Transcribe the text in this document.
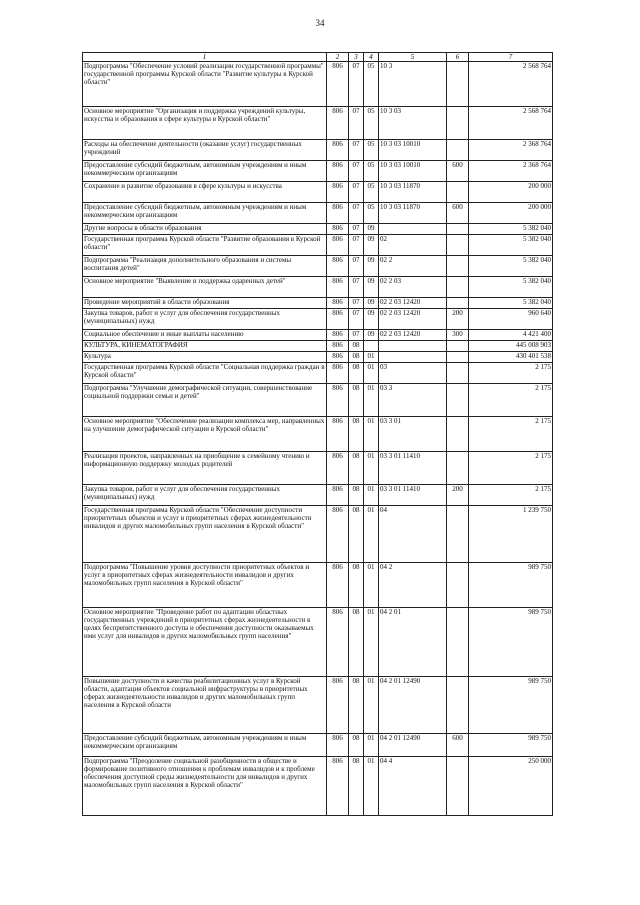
34
1	2	3	4	5	6	7
Подпрограмма "Обеспечение условий реализации государственной программы" государственной программы Курской области "Развитие культуры в Курской области"	806	07	05	10 3		2 568 764
Основное мероприятие "Организация и поддержка учреждений культуры, искусства и образования в сфере культуры в Курской области"	806	07	05	10 3 03		2 568 764
Расходы на обеспечение деятельности (оказание услуг) государственных учреждений	806	07	05	10 3 03 10010		2 368 764
Предоставление субсидий бюджетным, автономным учреждениям и иным некоммерческим организациям	806	07	05	10 3 03 10010	600	2 368 764
Сохранение и развитие образования в сфере культуры и искусства	806	07	05	10 3 03 11870		200 000
Предоставление субсидий бюджетным, автономным учреждениям и иным некоммерческим организациям	806	07	05	10 3 03 11870	600	200 000
Другие вопросы в области образования	806	07	09			5 382 040
Государственная программа Курской области "Развитие образования в Курской области"	806	07	09	02		5 382 040
Подпрограмма "Реализация дополнительного образования и системы воспитания детей"	806	07	09	02 2		5 382 040
Основное мероприятие "Выявление и поддержка одаренных детей"	806	07	09	02 2 03		5 382 040
Проведение мероприятий в области образования	806	07	09	02 2 03 12420		5 382 040
Закупка товаров, работ и услуг для обеспечения государственных (муниципальных) нужд	806	07	09	02 2 03 12420	200	960 640
Социальное обеспечение и иные выплаты населению	806	07	09	02 2 03 12420	300	4 421 400
КУЛЬТУРА, КИНЕМАТОГРАФИЯ	806	08				445 008 903
Культура	806	08	01			430 401 538
Государственная программа Курской области "Социальная поддержка граждан в Курской области"	806	08	01	03		2 175
Подпрограмма "Улучшение демографической ситуации, совершенствование социальной поддержки семьи и детей"	806	08	01	03 3		2 175
Основное мероприятие "Обеспечение реализации комплекса мер, направленных на улучшение демографической ситуации в Курской области"	806	08	01	03 3 01		2 175
Реализация проектов, направленных на приобщение к семейному чтению и информационную поддержку молодых родителей	806	08	01	03 3 01 11410		2 175
Закупка товаров, работ и услуг для обеспечения государственных (муниципальных) нужд	806	08	01	03 3 01 11410	200	2 175
Государственная программа Курской области "Обеспечение доступности приоритетных объектов и услуг в приоритетных сферах жизнедеятельности инвалидов и других маломобильных групп населения в Курской области"	806	08	01	04		1 239 750
Подпрограмма "Повышение уровня доступности приоритетных объектов и услуг в приоритетных сферах жизнедеятельности инвалидов и других маломобильных групп населения в Курской области"	806	08	01	04 2		989 750
Основное мероприятие "Проведение работ по адаптации областных государственных учреждений в приоритетных сферах жизнедеятельности в целях беспрепятственного доступа и обеспечения доступности оказываемых ими услуг для инвалидов и других маломобильных групп населения"	806	08	01	04 2 01		989 750
Повышение доступности и качества реабилитационных услуг в Курской области, адаптация объектов социальной инфраструктуры в приоритетных сферах жизнедеятельности инвалидов и других маломобильных групп населения в Курской области	806	08	01	04 2 01 12490		989 750
Предоставление субсидий бюджетным, автономным учреждениям и иным некоммерческим организациям	806	08	01	04 2 01 12490	600	989 750
Подпрограмма "Преодоление социальной разобщенности в обществе и формирование позитивного отношения к проблемам инвалидов и к проблеме обеспечения доступной среды жизнедеятельности для инвалидов и других маломобильных групп населения в Курской области"	806	08	01	04 4		250 000
